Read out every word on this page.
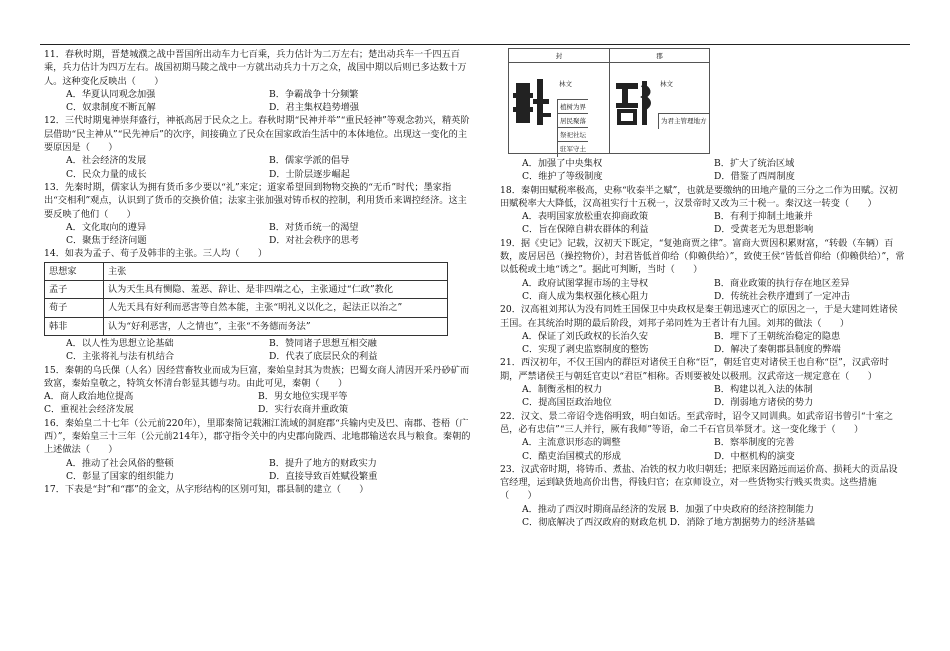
11．春秋时期，晋楚城濮之战中晋国所出动车力七百乘，兵力估计为二万左右；楚出动兵车一千四五百乘，兵力估计为四万左右。战国初期马陵之战中一方就出动兵力十万之众，战国中期以后则已多达数十万人。这种变化反映出（　　）

A．华夏认同观念加强	B．争霸战争十分频繁
C．奴隶制度不断瓦解	D．君主集权趋势增强

12．三代时期鬼神崇拜盛行，神祇高居于民众之上。春秋时期“民神并举”“重民轻神”等观念勃兴，精英阶层借助“民主神从”“民先神后”的次序，间接确立了民众在国家政治生活中的本体地位。出现这一变化的主要原因是（　　）

A．社会经济的发展	B．儒家学派的倡导
C．民众力量的成长	D．士阶层逐步崛起

13．先秦时期，儒家认为拥有货币多少要以“礼”来定；道家希望回到物物交换的“无币”时代；墨家指出“交相利”观点，认识到了货币的交换价值；法家主张加强对铸币权的控制，利用货币来调控经济。这主要反映了他们（　　）

A．文化取向的遵异	B．对货币统一的渴望
C．聚焦于经济问题	D．对社会秩序的思考

14．如表为孟子、荀子及韩非的主张。三人均（　　）

思想家	主张
孟子	认为天生具有恻隐、羞恶、辞让、是非四端之心，主张通过“仁政”教化
荀子	人先天具有好利而恶害等自然本能，主张“明礼义以化之，起法正以治之”
韩非	认为“好利恶害，人之情也”，主张“不务德而务法”
A．以人性为思想立论基础	B．赞同诸子思想互相交融
C．主张将礼与法有机结合	D．代表了底层民众的利益

15．秦朝的乌氏倮（人名）因经营畜牧业而成为巨富，秦始皇封其为贵族；巴蜀女商人清因开采丹砂矿而致富，秦始皇敬之，特筑女怀清台彰显其德与功。由此可见，秦朝（　　）

A．商人政治地位提高	B．男女地位实现平等
C．重视社会经济发展	D．实行农商并重政策

16．秦始皇二十七年（公元前220年），里耶秦简记载湘江流域的洞庭郡“兵输内史及巴、南郡、苍梧（广西）”，秦始皇三十三年（公元前214年），郡守指令关中的内史郡向陇西、北地郡输送农具与粮食。秦朝的上述做法（　　）

A．推动了社会风俗的整顿	B．提升了地方的财政实力
C．彰显了国家的组织能力	D．直接导致百姓赋役繁重

17．下表是“封”和“郡”的金文，从字形结构的区别可知，郡县制的建立（　　）

封	郡
林文
植树为界
居民聚落
祭祀社坛
驻军守土
林文
为君主管理地方
A．加强了中央集权	B．扩大了统治区域
C．维护了等级制度	D．借鉴了西周制度

18．秦朝田赋税率极高，史称“收泰半之赋”，也就是要缴纳的田地产量的三分之二作为田赋。汉初田赋税率大大降低，汉高祖实行十五税一，汉景帝时又改为三十税一。秦汉这一转变（　　）

A．表明国家放松重农抑商政策	B．有利于抑制土地兼并
C．旨在保障自耕农群体的利益	D．受黄老无为思想影响

19．据《史记》记载，汉初天下既定，“复弛商贾之律”。富商大贾因积累财富，“转毂（车辆）百数，废居居邑（操控物价），封君皆低首仰给（仰赖供给）”，致使王侯“皆低首仰给（仰赖供给）”，常以低税或土地“诱之”。据此可判断，当时（　　）

A．政府试图掌握市场的主导权	B．商业政策的执行存在地区差异
C．商人成为集权强化核心阻力	D．传统社会秩序遭到了一定冲击

20．汉高祖刘邦认为没有同姓王国保卫中央政权是秦王朝迅速灭亡的原因之一，于是大建同姓诸侯王国。在其统治时期的最后阶段，刘邦子弟同姓为王者计有九国。刘邦的做法（　　）

A．保证了刘氏政权的长治久安	B．埋下了王朝统治稳定的隐患
C．实现了剥史监察制度的整饬	D．解决了秦朝郡县制度的弊端

21．西汉初年，不仅王国内的群臣对诸侯王自称“臣”，朝廷官吏对诸侯王也自称“臣”，汉武帝时期，严禁诸侯王与朝廷官吏以“君臣”相称。否则要被处以极刑。汉武帝这一规定意在（　　）

A．制衡丞相的权力	B．构建以礼入法的体制
C．提高国臣政治地位	D．削弱地方诸侯的势力

22．汉文、景二帝诏令选俗明致，明白如话。至武帝时，诏令又同训典。如武帝诏书曾引“十室之邑，必有忠信”“三人并行，厥有我师”等语，命二千石官员举贤才。这一变化缘于（　　）

A．主流意识形态的调整	B．察举制度的完善
C．酷吏治国模式的形成	D．中枢机构的演变

23．汉武帝时期，将铸币、煮盐、冶铁的权力收归朝廷；把原来因路远而运价高、损耗大的贡品设官经理，运到缺货地高价出售，得钱归官；在京师设立，对一些货物实行贱买贵卖。这些措施（　　）

A．推动了西汉时期商品经济的发展 B．加强了中央政府的经济控制能力
C．彻底解决了西汉政府的财政危机 D．消除了地方割据势力的经济基础
